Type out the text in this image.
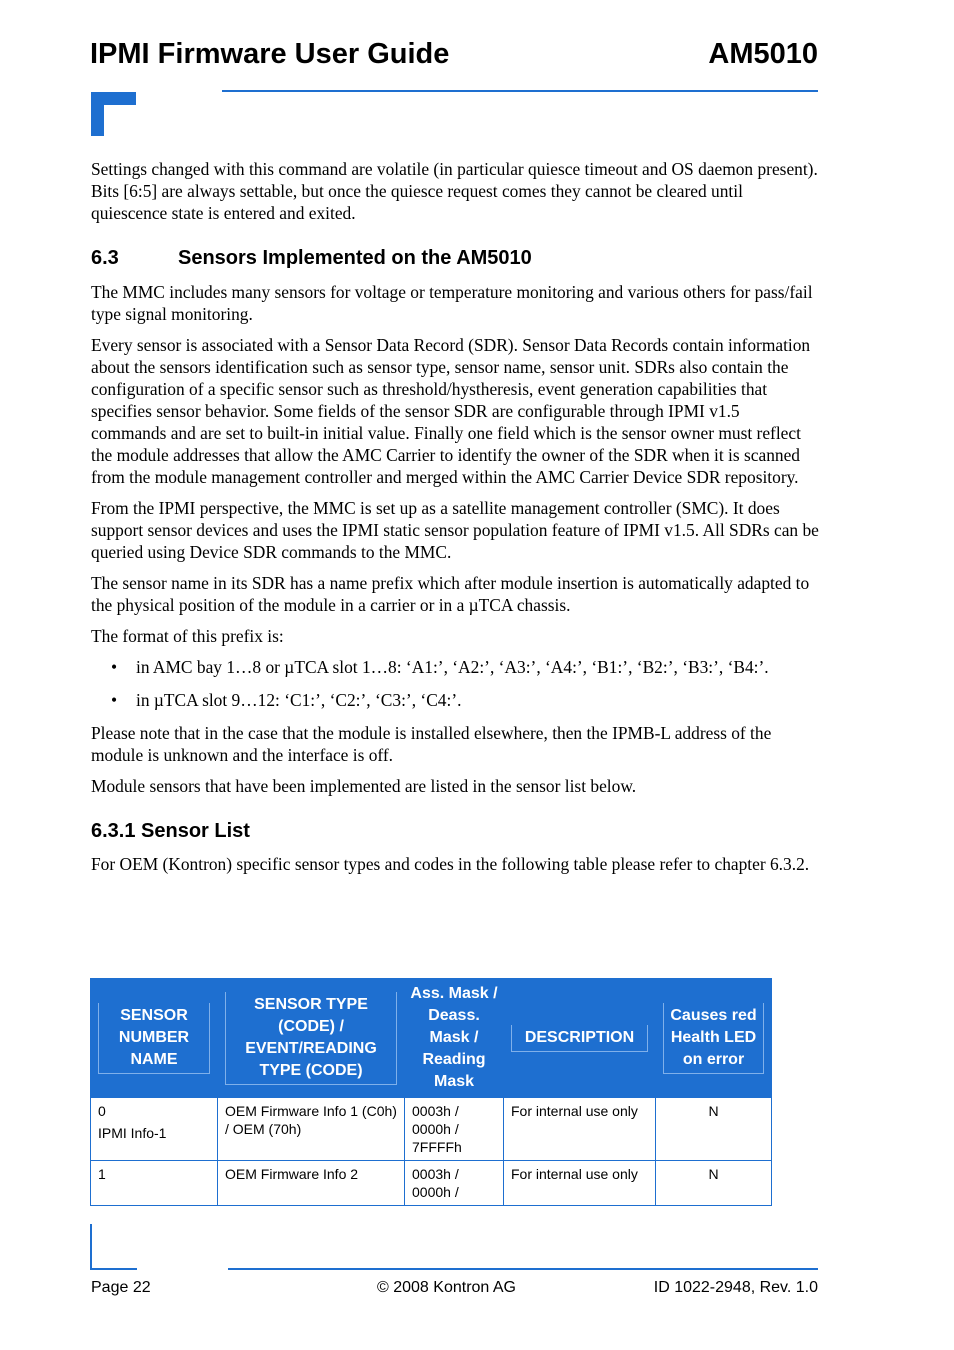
IPMI Firmware User Guide	AM5010

Settings changed with this command are volatile (in particular quiesce timeout and OS daemon present). Bits [6:5] are always settable, but once the quiesce request comes they cannot be cleared until quiescence state is entered and exited.

6.3	Sensors Implemented on the AM5010

The MMC includes many sensors for voltage or temperature monitoring and various others for pass/fail type signal monitoring.

Every sensor is associated with a Sensor Data Record (SDR). Sensor Data Records contain information about the sensors identification such as sensor type, sensor name, sensor unit. SDRs also contain the configuration of a specific sensor such as threshold/hystheresis, event generation capabilities that specifies sensor behavior. Some fields of the sensor SDR are configurable through IPMI v1.5 commands and are set to built-in initial value. Finally one field which is the sensor owner must reflect the module addresses that allow the AMC Carrier to identify the owner of the SDR when it is scanned from the module management controller and merged within the AMC Carrier Device SDR repository.

From the IPMI perspective, the MMC is set up as a satellite management controller (SMC). It does support sensor devices and uses the IPMI static sensor population feature of IPMI v1.5. All SDRs can be queried using Device SDR commands to the MMC.

The sensor name in its SDR has a name prefix which after module insertion is automatically adapted to the physical position of the module in a carrier or in a µTCA chassis.

The format of this prefix is:

• in AMC bay 1…8 or µTCA slot 1…8: ‘A1:’, ‘A2:’, ‘A3:’, ‘A4:’, ‘B1:’, ‘B2:’, ‘B3:’, ‘B4:’.
• in µTCA slot 9…12: ‘C1:’, ‘C2:’, ‘C3:’, ‘C4:’.

Please note that in the case that the module is installed elsewhere, then the IPMB-L address of the module is unknown and the interface is off.

Module sensors that have been implemented are listed in the sensor list below.

6.3.1 Sensor List

For OEM (Kontron) specific sensor types and codes in the following table please refer to chapter 6.3.2.

SENSOR NUMBER NAME	SENSOR TYPE (CODE) / EVENT/READING TYPE (CODE)	Ass. Mask / Deass. Mask / Reading Mask	DESCRIPTION	Causes red Health LED on error

0
IPMI Info-1	OEM Firmware Info 1 (C0h) / OEM (70h)	0003h / 0000h / 7FFFFh	For internal use only	N

1	OEM Firmware Info 2	0003h / 0000h /	For internal use only	N
Page 22	© 2008 Kontron AG	ID 1022-2948, Rev. 1.0
